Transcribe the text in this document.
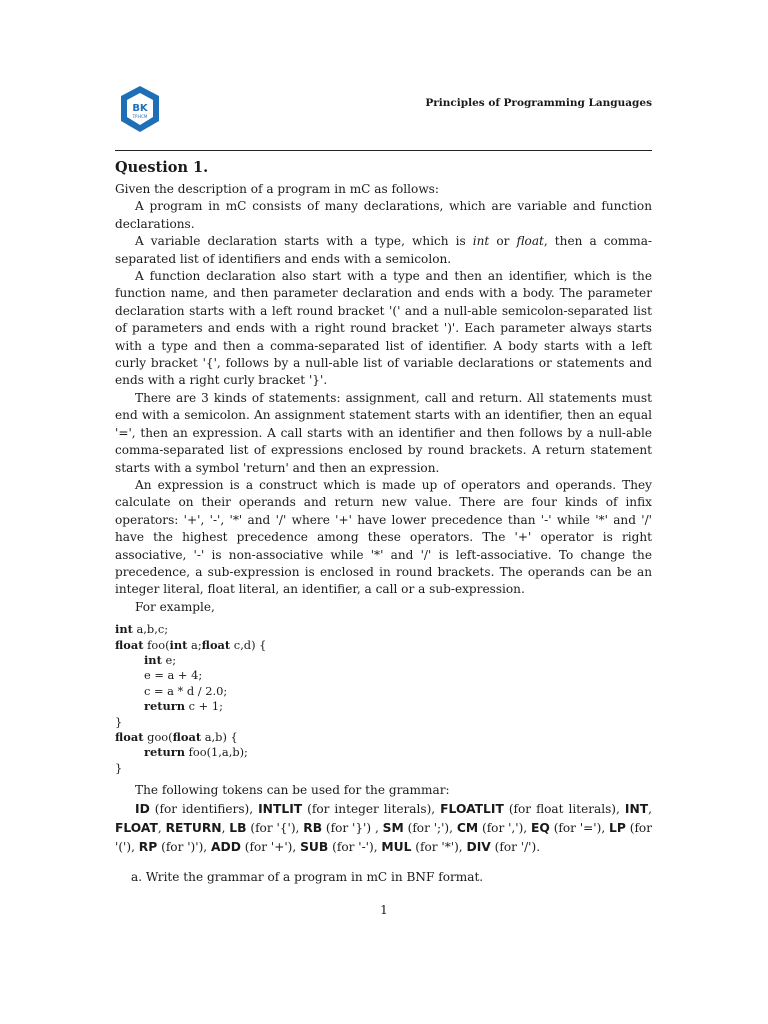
BK
TP.HCM
Principles of Programming Languages
Question 1.

Given the description of a program in mC as follows:

A program in mC consists of many declarations, which are variable and function declarations.

A variable declaration starts with a type, which is int or float, then a comma-separated list of identifiers and ends with a semicolon.

A function declaration also start with a type and then an identifier, which is the function name, and then parameter declaration and ends with a body. The parameter declaration starts with a left round bracket '(' and a null-able semicolon-separated list of parameters and ends with a right round bracket ')'. Each parameter always starts with a type and then a comma-separated list of identifier. A body starts with a left curly bracket '{', follows by a null-able list of variable declarations or statements and ends with a right curly bracket '}'.

There are 3 kinds of statements: assignment, call and return. All statements must end with a semicolon. An assignment statement starts with an identifier, then an equal '=', then an expression. A call starts with an identifier and then follows by a null-able comma-separated list of expressions enclosed by round brackets. A return statement starts with a symbol 'return' and then an expression.

An expression is a construct which is made up of operators and operands. They calculate on their operands and return new value. There are four kinds of infix operators: '+', '-', '*' and '/' where '+' have lower precedence than '-' while '*' and '/' have the highest precedence among these operators. The '+' operator is right associative, '-' is non-associative while '*' and '/' is left-associative. To change the precedence, a sub-expression is enclosed in round brackets. The operands can be an integer literal, float literal, an identifier, a call or a sub-expression.

For example,

int a,b,c;
float foo(int a;float c,d) {
int e;
e = a + 4;
c = a * d / 2.0;
return c + 1;
}
float goo(float a,b) {
return foo(1,a,b);
}

The following tokens can be used for the grammar:

ID (for identifiers), INTLIT (for integer literals), FLOATLIT (for float literals), INT, FLOAT, RETURN, LB (for '{'), RB (for '}') , SM (for ';'), CM (for ','), EQ (for '='), LP (for '('), RP (for ')'), ADD (for '+'), SUB (for '-'), MUL (for '*'), DIV (for '/').

a. Write the grammar of a program in mC in BNF format.

1
